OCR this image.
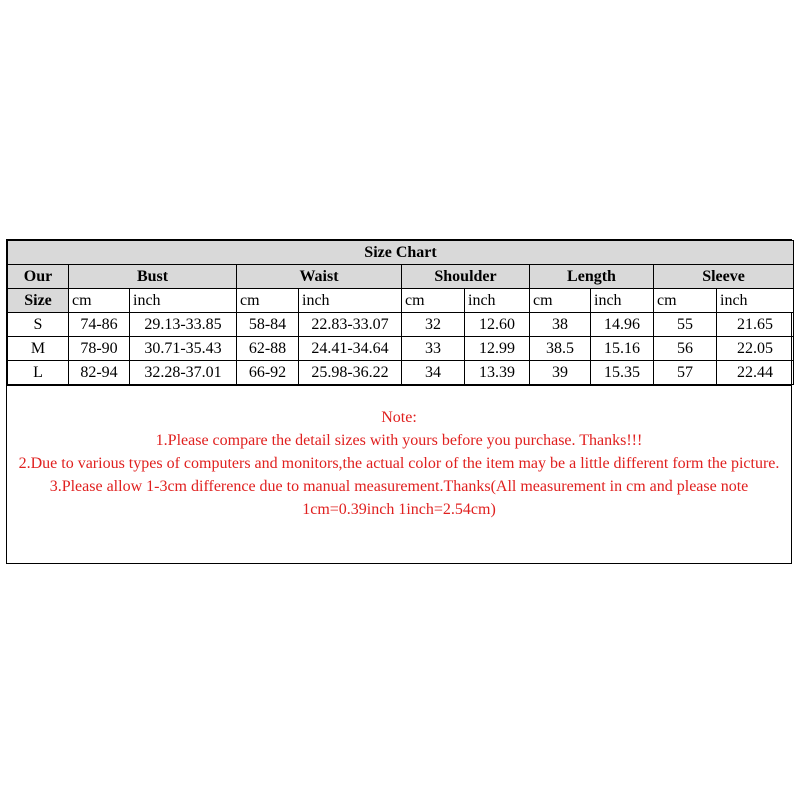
Size Chart										
Our	Bust		Waist		Shoulder		Length		Sleeve	
Size	cm	inch	cm	inch	cm	inch	cm	inch	cm	inch
S	74-86	29.13-33.85	58-84	22.83-33.07	32	12.60	38	14.96	55	21.65
M	78-90	30.71-35.43	62-88	24.41-34.64	33	12.99	38.5	15.16	56	22.05
L	82-94	32.28-37.01	66-92	25.98-36.22	34	13.39	39	15.35	57	22.44

Note:

1.Please compare the detail sizes with yours before you purchase. Thanks!!!

2.Due to various types of computers and monitors,the actual color of the item may be a little different form the picture.

3.Please allow 1-3cm difference due to manual measurement.Thanks(All measurement in cm and please note 1cm=0.39inch 1inch=2.54cm)
